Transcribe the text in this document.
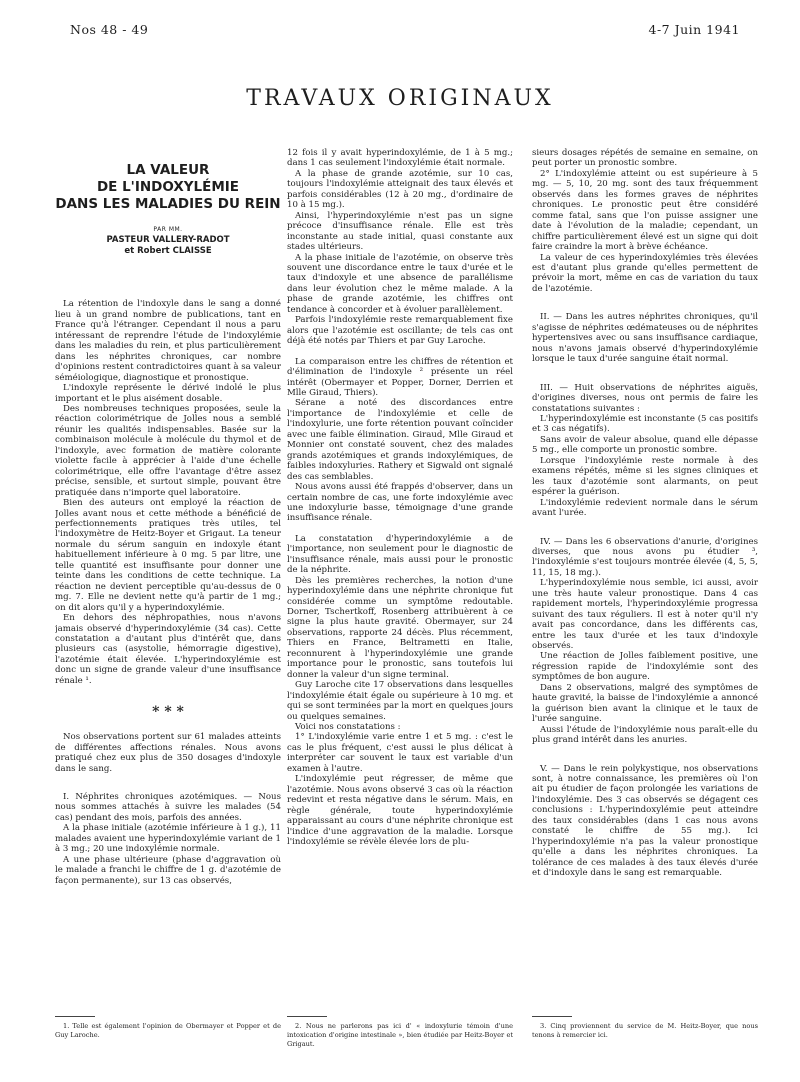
Nos 48 - 49	4-7 Juin 1941
TRAVAUX ORIGINAUX
LA VALEUR
DE L'INDOXYLÉMIE
DANS LES MALADIES DU REIN
PAR MM.
PASTEUR VALLERY-RADOT
et Robert CLAISSE

La rétention de l'indoxyle dans le sang a donné lieu à un grand nombre de publications, tant en France qu'à l'étranger. Cependant il nous a paru intéressant de reprendre l'étude de l'indoxylémie dans les maladies du rein, et plus particulièrement dans les néphrites chroniques, car nombre d'opinions restent contradictoires quant à sa valeur séméiologique, diagnostique et pronostique.

L'indoxyle représente le dérivé indolé le plus important et le plus aisément dosable.

Des nombreuses techniques proposées, seule la réaction colorimétrique de Jolles nous a semblé réunir les qualités indispensables. Basée sur la combinaison molécule à molécule du thymol et de l'indoxyle, avec formation de matière colorante violette facile à apprécier à l'aide d'une échelle colorimétrique, elle offre l'avantage d'être assez précise, sensible, et surtout simple, pouvant être pratiquée dans n'importe quel laboratoire.

Bien des auteurs ont employé la réaction de Jolles avant nous et cette méthode a bénéficié de perfectionnements pratiques très utiles, tel l'indoxymètre de Heitz-Boyer et Grigaut. La teneur normale du sérum sanguin en indoxyle étant habituellement inférieure à 0 mg. 5 par litre, une telle quantité est insuffisante pour donner une teinte dans les conditions de cette technique. La réaction ne devient perceptible qu'au-dessus de 0 mg. 7. Elle ne devient nette qu'à partir de 1 mg.; on dit alors qu'il y a hyperindoxylémie.

En dehors des néphropathies, nous n'avons jamais observé d'hyperindoxylémie (34 cas). Cette constatation a d'autant plus d'intérêt que, dans plusieurs cas (asystolie, hémorragie digestive), l'azotémie était élevée. L'hyperindoxylémie est donc un signe de grande valeur d'une insuffisance rénale ¹.

* * *

Nos observations portent sur 61 malades atteints de différentes affections rénales. Nous avons pratiqué chez eux plus de 350 dosages d'indoxyle dans le sang.

I. Néphrites chroniques azotémiques. — Nous nous sommes attachés à suivre les malades (54 cas) pendant des mois, parfois des années.

A la phase initiale (azotémie inférieure à 1 g.), 11 malades avaient une hyperindoxylémie variant de 1 à 3 mg.; 20 une indoxylémie normale.

A une phase ultérieure (phase d'aggravation où le malade a franchi le chiffre de 1 g. d'azotémie de façon permanente), sur 13 cas observés,

12 fois il y avait hyperindoxylémie, de 1 à 5 mg.; dans 1 cas seulement l'indoxylémie était normale.

A la phase de grande azotémie, sur 10 cas, toujours l'indoxylémie atteignait des taux élevés et parfois considérables (12 à 20 mg., d'ordinaire de 10 à 15 mg.).

Ainsi, l'hyperindoxylémie n'est pas un signe précoce d'insuffisance rénale. Elle est très inconstante au stade initial, quasi constante aux stades ultérieurs.

A la phase initiale de l'azotémie, on observe très souvent une discordance entre le taux d'urée et le taux d'indoxyle et une absence de parallélisme dans leur évolution chez le même malade. A la phase de grande azotémie, les chiffres ont tendance à concorder et à évoluer parallèlement.

Parfois l'indoxylémie reste remarquablement fixe alors que l'azotémie est oscillante; de tels cas ont déjà été notés par Thiers et par Guy Laroche.

La comparaison entre les chiffres de rétention et d'élimination de l'indoxyle ² présente un réel intérêt (Obermayer et Popper, Dorner, Derrien et Mlle Giraud, Thiers).

Sérane a noté des discordances entre l'importance de l'indoxylémie et celle de l'indoxylurie, une forte rétention pouvant coïncider avec une faible élimination. Giraud, Mlle Giraud et Monnier ont constaté souvent, chez des malades grands azotémiques et grands indoxylémiques, de faibles indoxyluries. Rathery et Sigwald ont signalé des cas semblables.

Nous avons aussi été frappés d'observer, dans un certain nombre de cas, une forte indoxylémie avec une indoxylurie basse, témoignage d'une grande insuffisance rénale.

La constatation d'hyperindoxylémie a de l'importance, non seulement pour le diagnostic de l'insuffisance rénale, mais aussi pour le pronostic de la néphrite.

Dès les premières recherches, la notion d'une hyperindoxylémie dans une néphrite chronique fut considérée comme un symptôme redoutable. Dorner, Tschertkoff, Rosenberg attribuèrent à ce signe la plus haute gravité. Obermayer, sur 24 observations, rapporte 24 décès. Plus récemment, Thiers en France, Beltrametti en Italie, reconnurent à l'hyperindoxylémie une grande importance pour le pronostic, sans toutefois lui donner la valeur d'un signe terminal.

Guy Laroche cite 17 observations dans lesquelles l'indoxylémie était égale ou supérieure à 10 mg. et qui se sont terminées par la mort en quelques jours ou quelques semaines.

Voici nos constatations :

1° L'indoxylémie varie entre 1 et 5 mg. : c'est le cas le plus fréquent, c'est aussi le plus délicat à interpréter car souvent le taux est variable d'un examen à l'autre.

L'indoxylémie peut régresser, de même que l'azotémie. Nous avons observé 3 cas où la réaction redevint et resta négative dans le sérum. Mais, en règle générale, toute hyperindoxylémie apparaissant au cours d'une néphrite chronique est l'indice d'une aggravation de la maladie. Lorsque l'indoxylémie se révèle élevée lors de plu-

sieurs dosages répétés de semaine en semaine, on peut porter un pronostic sombre.

2° L'indoxylémie atteint ou est supérieure à 5 mg. — 5, 10, 20 mg. sont des taux fréquemment observés dans les formes graves de néphrites chroniques. Le pronostic peut être considéré comme fatal, sans que l'on puisse assigner une date à l'évolution de la maladie; cependant, un chiffre particulièrement élevé est un signe qui doit faire craindre la mort à brève échéance.

La valeur de ces hyperindoxylémies très élevées est d'autant plus grande qu'elles permettent de prévoir la mort, même en cas de variation du taux de l'azotémie.

II. — Dans les autres néphrites chroniques, qu'il s'agisse de néphrites œdémateuses ou de néphrites hypertensives avec ou sans insuffisance cardiaque, nous n'avons jamais observé d'hyperindoxylémie lorsque le taux d'urée sanguine était normal.

III. — Huit observations de néphrites aiguës, d'origines diverses, nous ont permis de faire les constatations suivantes :

L'hyperindoxylémie est inconstante (5 cas positifs et 3 cas négatifs).

Sans avoir de valeur absolue, quand elle dépasse 5 mg., elle comporte un pronostic sombre.

Lorsque l'indoxylémie reste normale à des examens répétés, même si les signes cliniques et les taux d'azotémie sont alarmants, on peut espérer la guérison.

L'indoxylémie redevient normale dans le sérum avant l'urée.

IV. — Dans les 6 observations d'anurie, d'origines diverses, que nous avons pu étudier ³, l'indoxylémie s'est toujours montrée élevée (4, 5, 5, 11, 15, 18 mg.).

L'hyperindoxylémie nous semble, ici aussi, avoir une très haute valeur pronostique. Dans 4 cas rapidement mortels, l'hyperindoxylémie progressa suivant des taux réguliers. Il est à noter qu'il n'y avait pas concordance, dans les différents cas, entre les taux d'urée et les taux d'indoxyle observés.

Une réaction de Jolles faiblement positive, une régression rapide de l'indoxylémie sont des symptômes de bon augure.

Dans 2 observations, malgré des symptômes de haute gravité, la baisse de l'indoxylémie a annoncé la guérison bien avant la clinique et le taux de l'urée sanguine.

Aussi l'étude de l'indoxylémie nous paraît-elle du plus grand intérêt dans les anuries.

V. — Dans le rein polykystique, nos observations sont, à notre connaissance, les premières où l'on ait pu étudier de façon prolongée les variations de l'indoxylémie. Des 3 cas observés se dégagent ces conclusions : L'hyperindoxylémie peut atteindre des taux considérables (dans 1 cas nous avons constaté le chiffre de 55 mg.). Ici l'hyperindoxylémie n'a pas la valeur pronostique qu'elle a dans les néphrites chroniques. La tolérance de ces malades à des taux élevés d'urée et d'indoxyle dans le sang est remarquable.

1. Telle est également l'opinion de Obermayer et Popper et de Guy Laroche.

2. Nous ne parlerons pas ici d' « indoxylurie témoin d'une intoxication d'origine intestinale », bien étudiée par Heitz-Boyer et Grigaut.

3. Cinq proviennent du service de M. Heitz-Boyer, que nous tenons à remercier ici.
